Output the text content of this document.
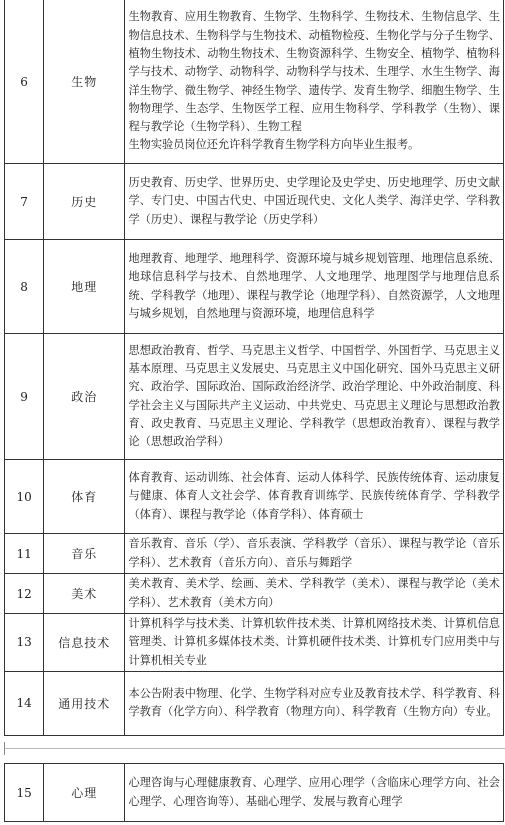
6	生物	生物教育、应用生物教育、生物学、生物科学、生物技术、生物信息学、生物信息技术、生物科学与生物技术、动植物检疫、生物化学与分子生物学、植物生物技术、动物生物技术、生物资源科学、生物安全、植物学、植物科学与技术、动物学、动物科学、动物科学与技术、生理学、水生生物学、海洋生物学、微生物学、神经生物学、遗传学、发育生物学、细胞生物学、生物物理学、生态学、生物医学工程、应用生物科学、学科教学（生物）、课程与教学论（生物学科）、生物工程
生物实验员岗位还允许科学教育生物学科方向毕业生报考。

7	历史	历史教育、历史学、世界历史、史学理论及史学史、历史地理学、历史文献学、专门史、中国古代史、中国近现代史、文化人类学、海洋史学、学科教学（历史）、课程与教学论（历史学科）
8	地理	地理教育、地理学、地理科学、资源环境与城乡规划管理、地理信息系统、地球信息科学与技术、自然地理学、人文地理学、地理图学与地理信息系统、学科教学（地理）、课程与教学论（地理学科）、自然资源学，人文地理与城乡规划，自然地理与资源环境，地理信息科学
9	政治	思想政治教育、哲学、马克思主义哲学、中国哲学、外国哲学、马克思主义基本原理、马克思主义发展史、马克思主义中国化研究、国外马克思主义研究、政治学、国际政治、国际政治经济学、政治学理论、中外政治制度、科学社会主义与国际共产主义运动、中共党史、马克思主义理论与思想政治教育、政史教育、马克思主义理论、学科教学（思想政治教育）、课程与教学论（思想政治学科）
10	体育	体育教育、运动训练、社会体育、运动人体科学、民族传统体育、运动康复与健康、体育人文社会学、体育教育训练学、民族传统体育学、学科教学（体育）、课程与教学论（体育学科）、体育硕士
11	音乐	音乐教育、音乐（学）、音乐表演、学科教学（音乐）、课程与教学论（音乐学科）、艺术教育（音乐方向）、音乐与舞蹈学
12	美术	美术教育、美术学、绘画、美术、学科教学（美术）、课程与教学论（美术学科）、艺术教育（美术方向）
13	信息技术	计算机科学与技术类、计算机软件技术类、计算机网络技术类、计算机信息管理类、计算机多媒体技术类、计算机硬件技术类、计算机专门应用类中与计算机相关专业
14	通用技术	本公告附表中物理、化学、生物学科对应专业及教育技术学、科学教育、科学教育（化学方向）、科学教育（物理方向）、科学教育（生物方向）专业。
15	心理	心理咨询与心理健康教育、心理学、应用心理学（含临床心理学方向、社会心理学、心理咨询等）、基础心理学、发展与教育心理学
